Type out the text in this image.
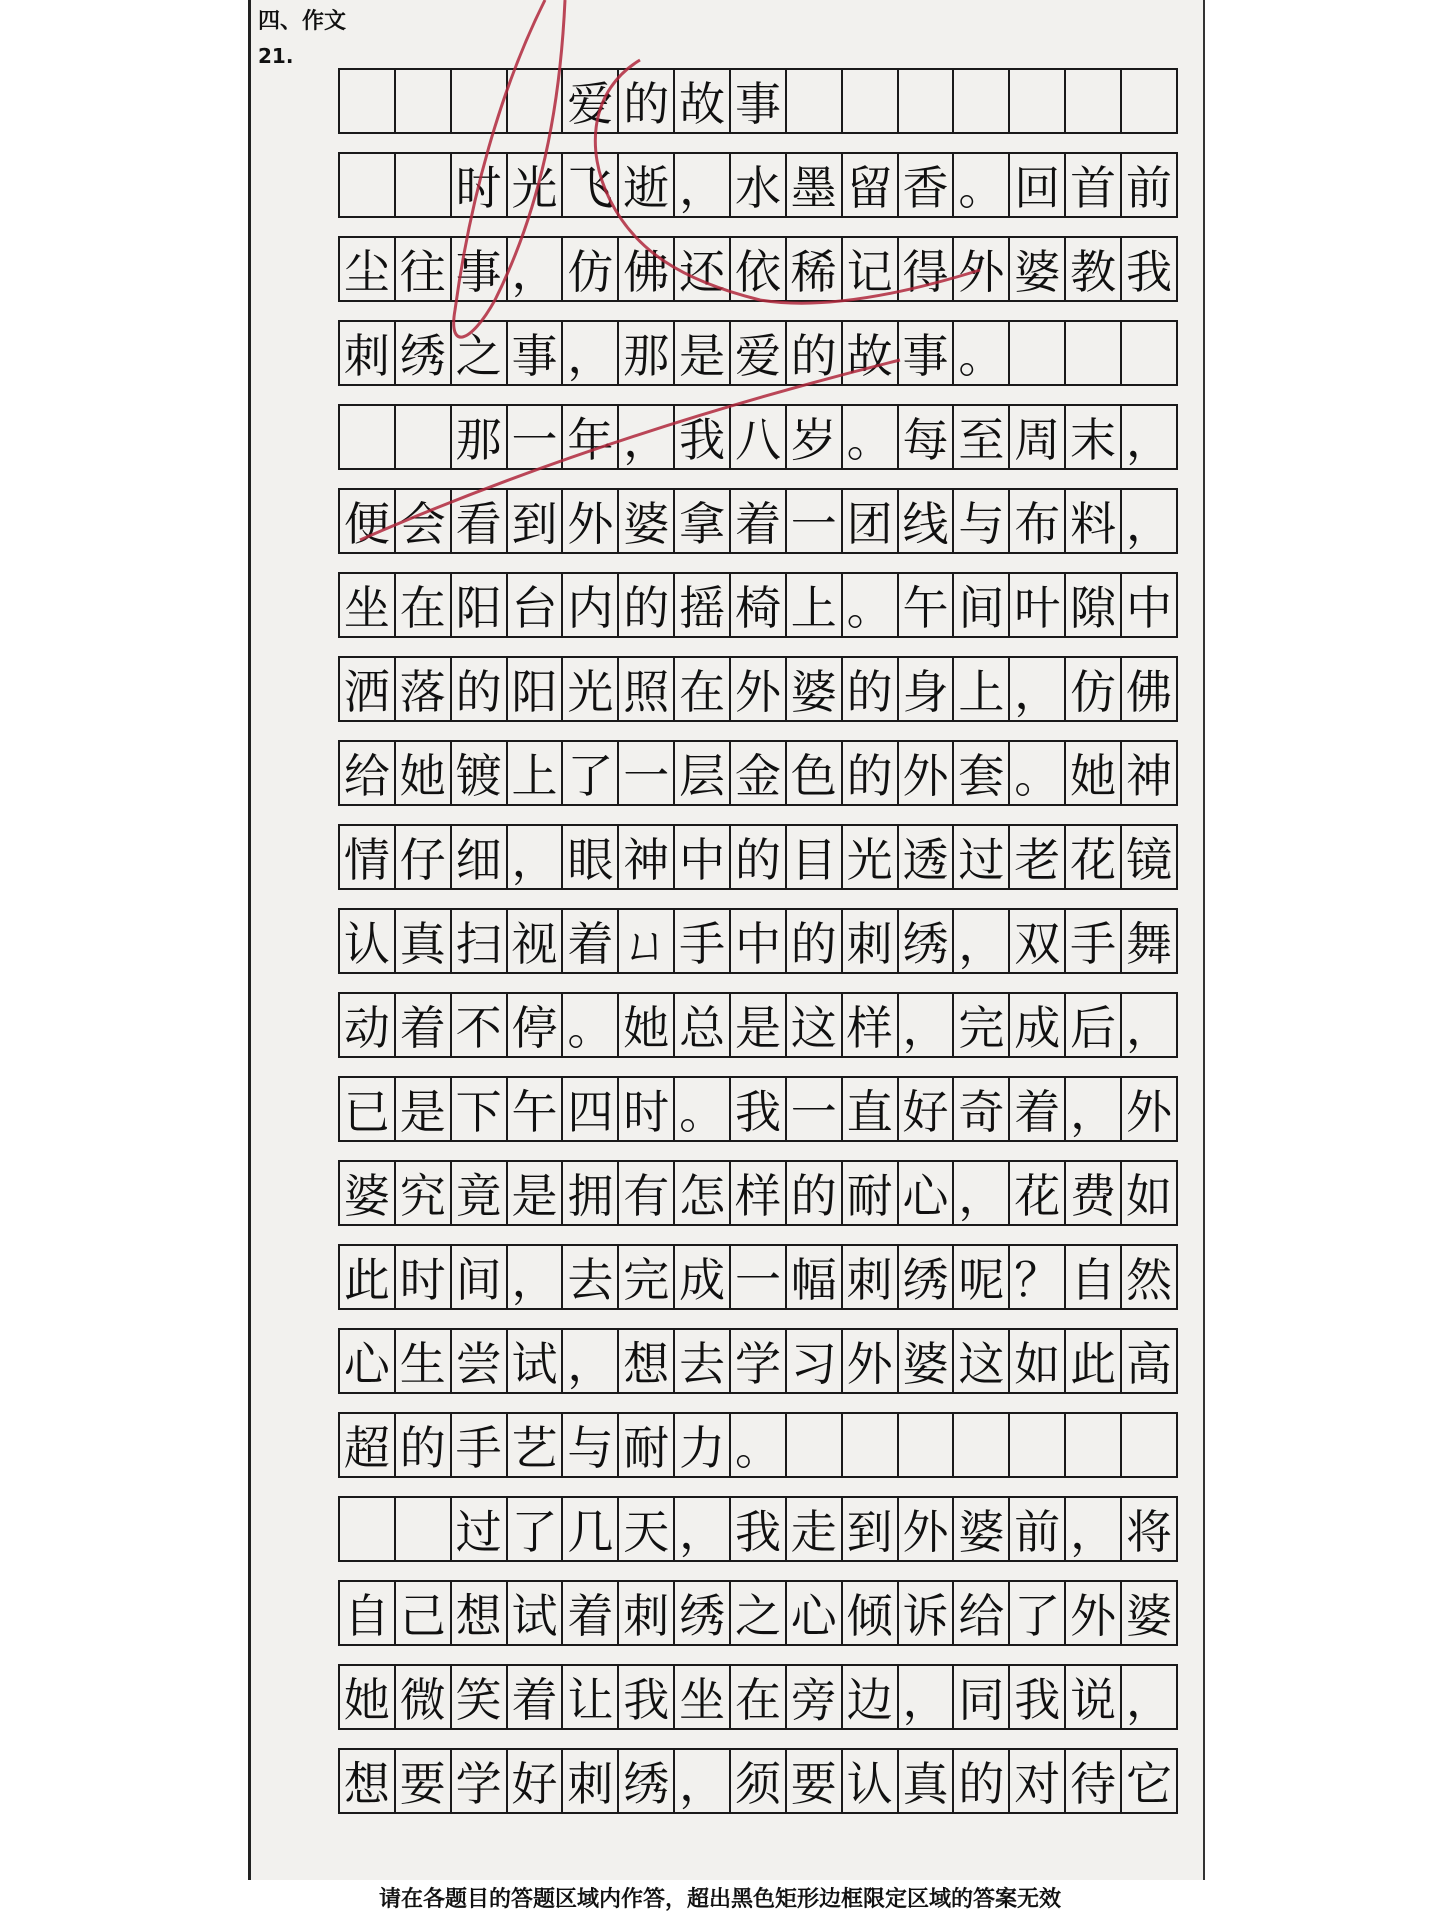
四、作文
21.
爱 的 故 事
时 光 飞 逝 ， 水 墨 留 香 。 回 首 前
尘 往 事 ， 仿 佛 还 依 稀 记 得 外 婆 教 我
刺 绣 之 事 ， 那 是 爱 的 故 事 。
那 一 年 ， 我 八 岁 。 每 至 周 末 ，
便 会 看 到 外 婆 拿 着 一 团 线 与 布 料 ，
坐 在 阳 台 内 的 摇 椅 上 。 午 间 叶 隙 中
洒 落 的 阳 光 照 在 外 婆 的 身 上 ， 仿 佛
给 她 镀 上 了 一 层 金 色 的 外 套 。 她 神
情 仔 细 ， 眼 神 中 的 目 光 透 过 老 花 镜
认 真 扫 视 着 ㄩ 手 中 的 刺 绣 ， 双 手 舞
动 着 不 停 。 她 总 是 这 样 ， 完 成 后 ，
已 是 下 午 四 时 。 我 一 直 好 奇 着 ， 外
婆 究 竟 是 拥 有 怎 样 的 耐 心 ， 花 费 如
此 时 间 ， 去 完 成 一 幅 刺 绣 呢 ？ 自 然
心 生 尝 试 ， 想 去 学 习 外 婆 这 如 此 高
超 的 手 艺 与 耐 力 。
过 了 几 天 ， 我 走 到 外 婆 前 ， 将
自 己 想 试 着 刺 绣 之 心 倾 诉 给 了 外 婆
她 微 笑 着 让 我 坐 在 旁 边 ， 同 我 说 ，
想 要 学 好 刺 绣 ， 须 要 认 真 的 对 待 它
请在各题目的答题区域内作答，超出黑色矩形边框限定区域的答案无效
